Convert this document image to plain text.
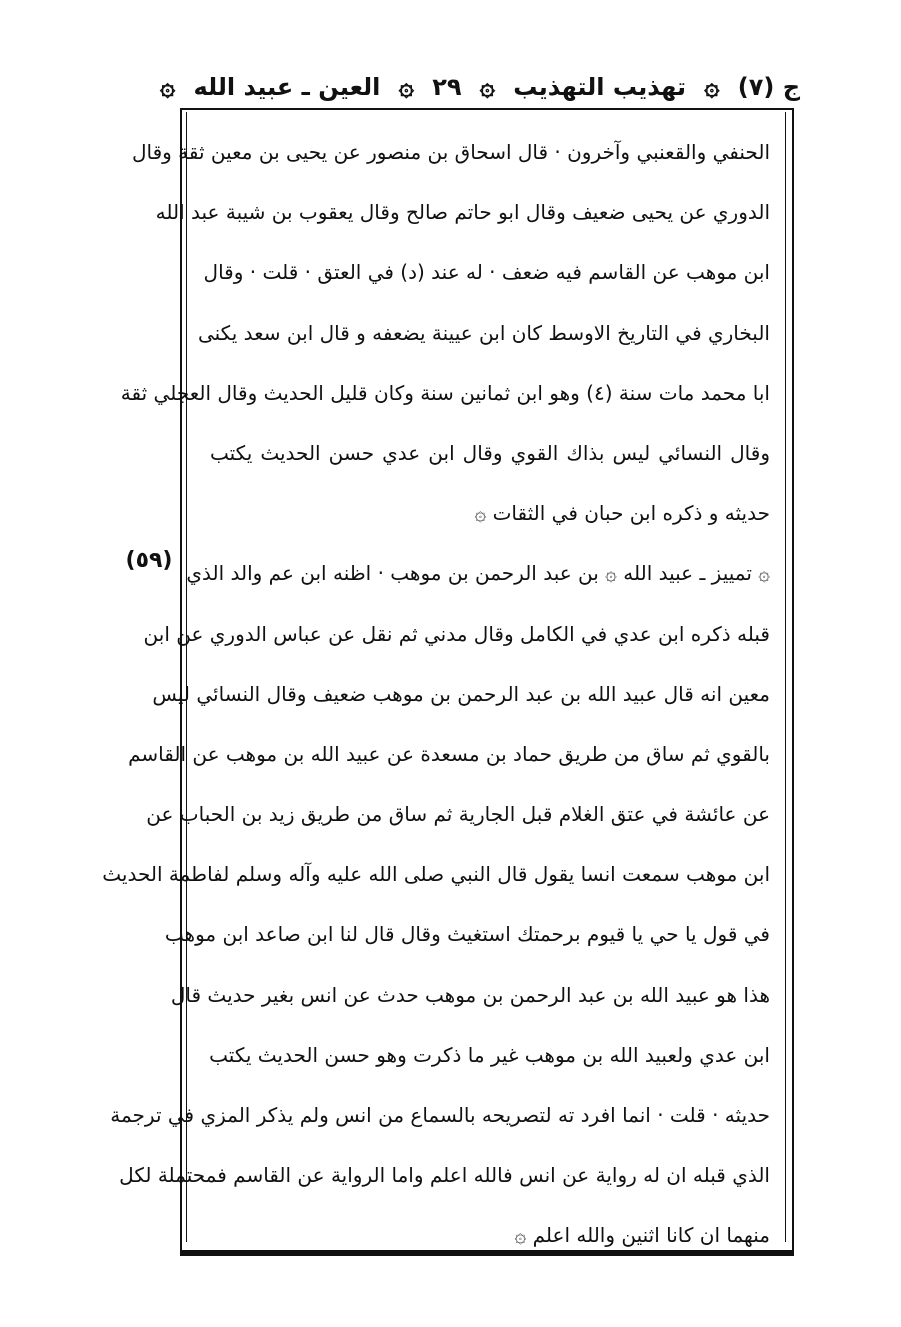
ج (٧)
۞
تهذيب التهذيب
۞
٢٩
۞
العين ـ عبيد الله
۞
(٥٩)
الحنفي والقعنبي وآخرون · قال اسحاق بن منصور عن يحيى بن معين ثقة وقال
الدوري عن يحيى ضعيف وقال ابو حاتم صالح وقال يعقوب بن شيبة عبد الله
ابن موهب عن القاسم فيه ضعف · له عند (د) في العتق · قلت · وقال
البخاري في التاريخ الاوسط كان ابن عيينة يضعفه و قال ابن سعد يكنى
ابا محمد مات سنة (٤) وهو ابن ثمانين سنة وكان قليل الحديث وقال العجلي ثقة
وقال النسائي ليس بذاك القوي وقال ابن عدي حسن الحديث يكتب
حديثه و ذكره ابن حبان في الثقات ۞
۞ تمييز ـ عبيد الله ۞ بن عبد الرحمن بن موهب · اظنه ابن عم والد الذي
قبله ذكره ابن عدي في الكامل وقال مدني ثم نقل عن عباس الدوري عن ابن
معين انه قال عبيد الله بن عبد الرحمن بن موهب ضعيف وقال النسائي ليس
بالقوي ثم ساق من طريق حماد بن مسعدة عن عبيد الله بن موهب عن القاسم
عن عائشة في عتق الغلام قبل الجارية ثم ساق من طريق زيد بن الحباب عن
ابن موهب سمعت انسا يقول قال النبي صلى الله عليه وآله وسلم لفاطمة الحديث
في قول يا حي يا قيوم برحمتك استغيث وقال قال لنا ابن صاعد ابن موهب
هذا هو عبيد الله بن عبد الرحمن بن موهب حدث عن انس بغير حديث قال
ابن عدي ولعبيد الله بن موهب غير ما ذكرت وهو حسن الحديث يكتب
حديثه · قلت · انما افرد ته لتصريحه بالسماع من انس ولم يذكر المزي في ترجمة
الذي قبله ان له رواية عن انس فالله اعلم واما الرواية عن القاسم فمحتملة لكل
منهما ان كانا اثنين والله اعلم ۞
